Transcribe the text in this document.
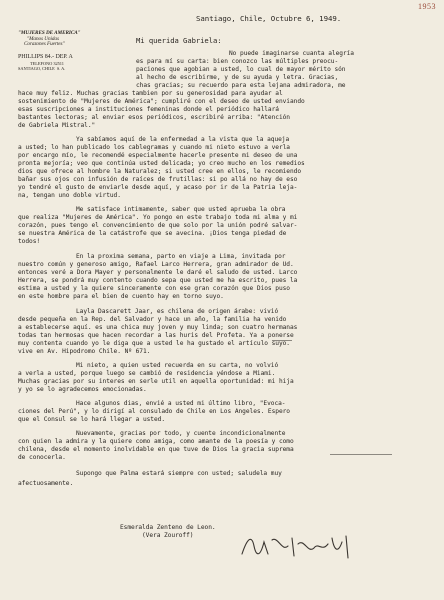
1953
"MUJERES DE AMERICA"
"Manos Unidas
Corazones Fuertes"
PHILLIPS 84.- DEP. A
TELEFONO 32511
SANTIAGO, CHILE  S. A.
Santiago, Chile, Octubre 6, 1949.
Mi querida Gabriela:
No puede imaginarse cuanta alegría
es para mí su carta: bien conozco las múltiples preocu-
paciones que agobian a usted, lo cual de mayor mérito són
al hecho de escribirme, y de su ayuda y letra. Gracias,
chas gracias; su recuerdo para esta lejana admiradora, me
hace muy feliz. Muchas gracias tambien por su generosidad para ayudar al
sostenimiento de "Mujeres de América"; cumpliré con el deseo de usted enviando
esas suscripciones a instituciones femeninas donde el periódico hallará
bastantes lectoras; al enviar esos periódicos, escribiré arriba: "Atención
de Gabriela Mistral."
Ya sabíamos aquí de la enfermedad a la vista que la aqueja
a usted; lo han publicado los cablegramas y cuando mi nieto estuvo a verla
por encargo mío, le recomendé especialmente hacerle presente mi deseo de una
pronta mejoría; veo que continúa usted delicada; yo creo mucho en los remedios
dios que ofrece al hombre la Naturalez; si usted cree en ellos, le recomiendo
bañar sus ojos con infusión de raíces de frutillas: si po allá no hay de eso
yo tendré el gusto de enviarle desde aquí, y acaso por ir de la Patria leja-
na, tengan uno doble virtud.
Me satisface intimamente, saber que usted aprueba la obra
que realiza "Mujeres de América". Yo pongo en este trabajo toda mi alma y mi
corazón, pues tengo el convencimiento de que solo por la unión podré salvar-
se nuestra América de la catástrofe que se avecina. ¡Dios tenga piedad de
todos!
En la proxima semana, parto en viaje a Lima, invitada por
nuestro común y generoso amigo, Rafael Larco Herrera, gran admirador de Ud.
entonces veré a Dora Mayer y personalmente le daré el saludo de usted. Larco
Herrera, se pondrá muy contento cuando sepa que usted me ha escrito, pues la
estima a usted y la quiere sinceramente con ese gran corazón que Dios puso
en este hombre para el bien de cuento hay en torno suyo.
Layla Dascarett Jaar, es chilena de origen árabe: vivió
desde pequeña en la Rep. del Salvador y hace un año, la familia ha venido
a establecerse aquí. es una chica muy joven y muy linda; son cuatro hermanas
todas tan hermosas que hacen recordar a las huris del Profeta. Ya a ponerse
muy contenta cuando yo le diga que a usted le ha gustado el artículo suyo.
vive en Av. Hipodromo Chile. Nº 671.
Mi nieto, a quien usted recuerda en su carta, no volvió
a verla a usted, porque luego se cambió de residencia yéndose a Miami.
Muchas gracias por su interes en serle util en aquella oportunidad: mi hija
y yo se lo agradecemos emocionadas.
Hace algunos dias, envié a usted mi último libro, "Evoca-
ciones del Perú", y lo dirigí al consulado de Chile en Los Angeles. Espero
que el Consul se lo hará llegar a usted.
Nuevamente, gracias por todo, y cuente incondicionalmente
con quien la admira y la quiere como amiga, como amante de la poesía y como
chilena, desde el momento inolvidable en que tuve de Dios la gracia suprema
de conocerla.
Supongo que Palma estará siempre con usted; saludela muy
afectuosamente.
Esmeralda Zenteno de Leon.
(Vera Zouroff)
